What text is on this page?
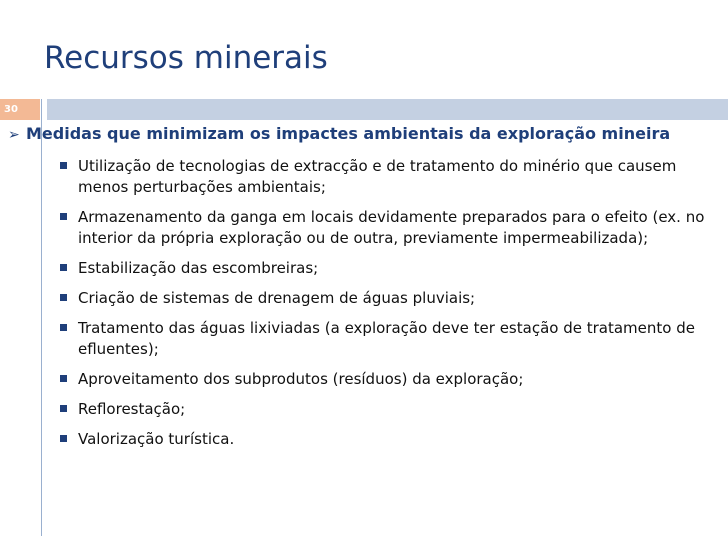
Recursos minerais
30
➢ Medidas que minimizam os impactes ambientais da exploração mineira
Utilização de tecnologias de extracção e de tratamento do minério que causem menos perturbações ambientais;
Armazenamento da ganga em locais devidamente preparados para o efeito (ex. no interior da própria exploração ou de outra, previamente impermeabilizada);
Estabilização das escombreiras;
Criação de sistemas de drenagem de águas pluviais;
Tratamento das águas lixiviadas (a exploração deve ter estação de tratamento de efluentes);
Aproveitamento dos subprodutos (resíduos) da exploração;
Reflorestação;
Valorização turística.
